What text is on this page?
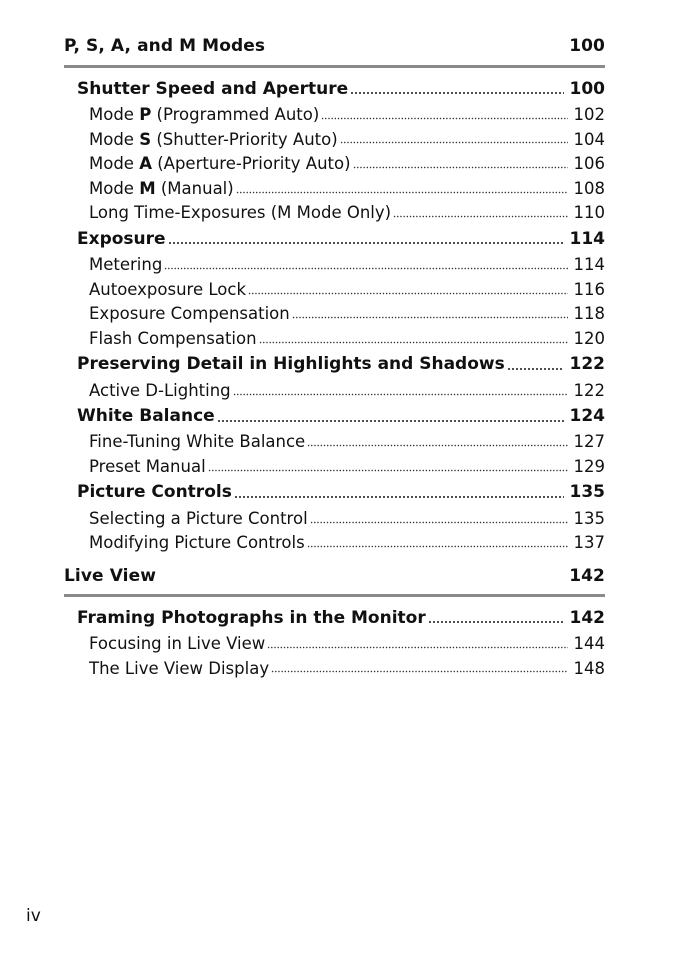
P, S, A, and M Modes	100
Shutter Speed and Aperture	100
Mode P (Programmed Auto)	102
Mode S (Shutter-Priority Auto)	104
Mode A (Aperture-Priority Auto)	106
Mode M (Manual)	108
Long Time-Exposures (M Mode Only)	110
Exposure	114
Metering	114
Autoexposure Lock	116
Exposure Compensation	118
Flash Compensation	120
Preserving Detail in Highlights and Shadows	122
Active D-Lighting	122
White Balance	124
Fine-Tuning White Balance	127
Preset Manual	129
Picture Controls	135
Selecting a Picture Control	135
Modifying Picture Controls	137
Live View	142
Framing Photographs in the Monitor	142
Focusing in Live View	144
The Live View Display	148
iv
